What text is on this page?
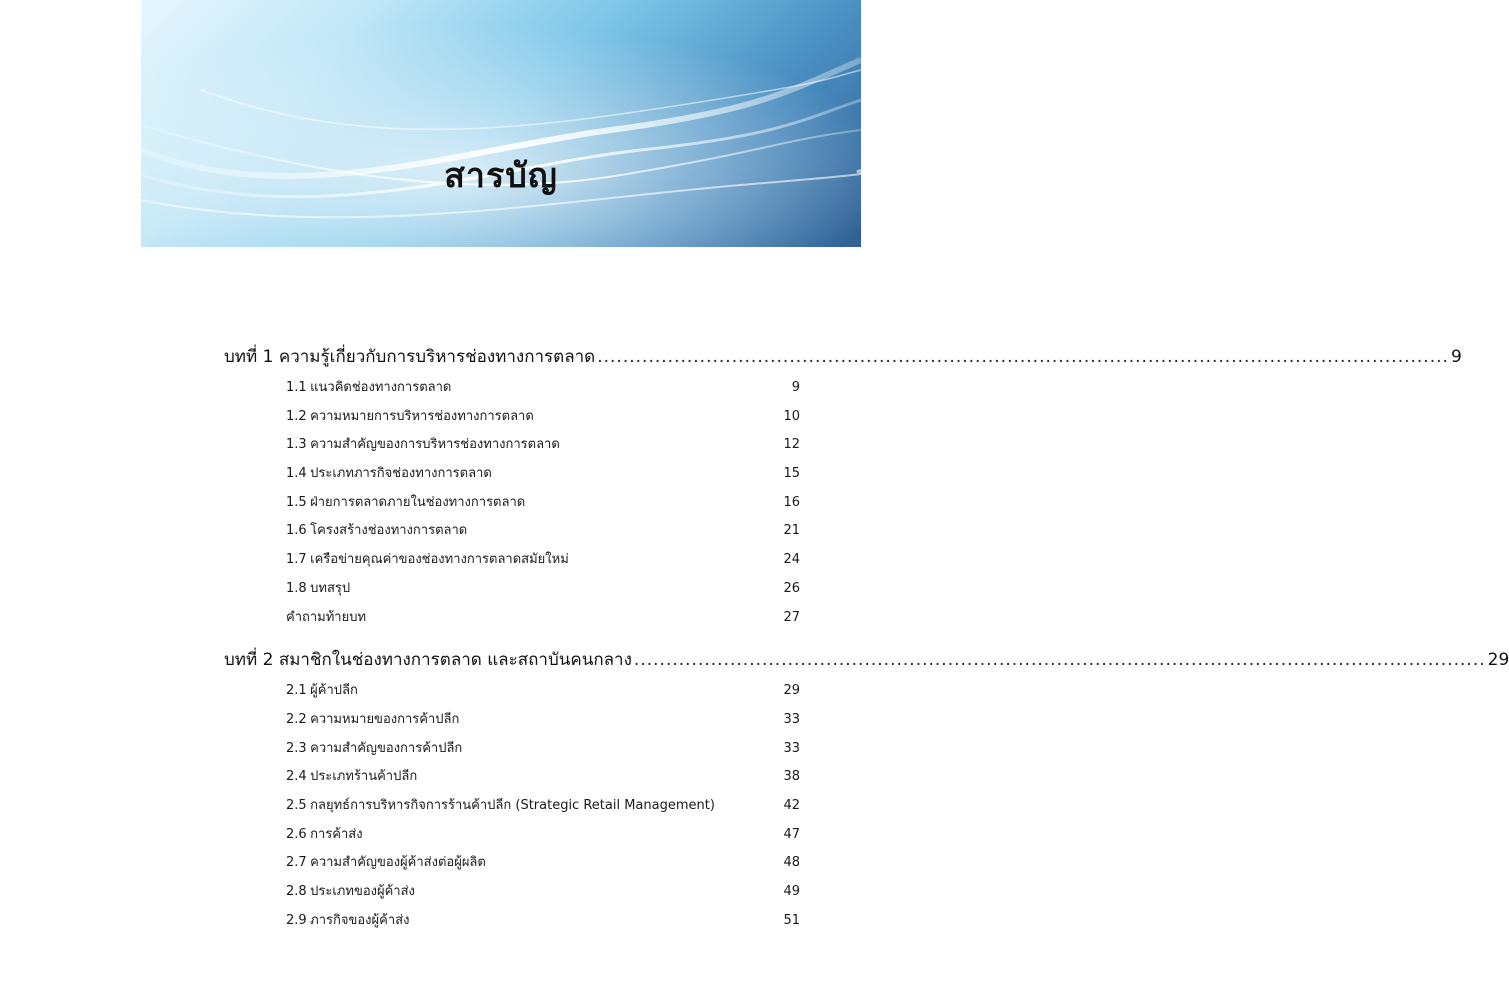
สารบัญ
บทที่ 1 ความรู้เกี่ยวกับการบริหารช่องทางการตลาด ..................................................................................................................................... 9
1.1 แนวคิดช่องทางการตลาด	9
1.2 ความหมายการบริหารช่องทางการตลาด	10
1.3 ความสำคัญของการบริหารช่องทางการตลาด	12
1.4 ประเภทภารกิจช่องทางการตลาด	15
1.5 ฝ่ายการตลาดภายในช่องทางการตลาด	16
1.6 โครงสร้างช่องทางการตลาด	21
1.7 เครือข่ายคุณค่าของช่องทางการตลาดสมัยใหม่	24
1.8 บทสรุป	26
คำถามท้ายบท	27
บทที่ 2 สมาชิกในช่องทางการตลาด และสถาบันคนกลาง ..................................................................................................................................... 29
2.1 ผู้ค้าปลีก	29
2.2 ความหมายของการค้าปลีก	33
2.3 ความสำคัญของการค้าปลีก	33
2.4 ประเภทร้านค้าปลีก	38
2.5 กลยุทธ์การบริหารกิจการร้านค้าปลีก (Strategic Retail Management)	42
2.6 การค้าส่ง	47
2.7 ความสำคัญของผู้ค้าส่งต่อผู้ผลิต	48
2.8 ประเภทของผู้ค้าส่ง	49
2.9 ภารกิจของผู้ค้าส่ง	51
